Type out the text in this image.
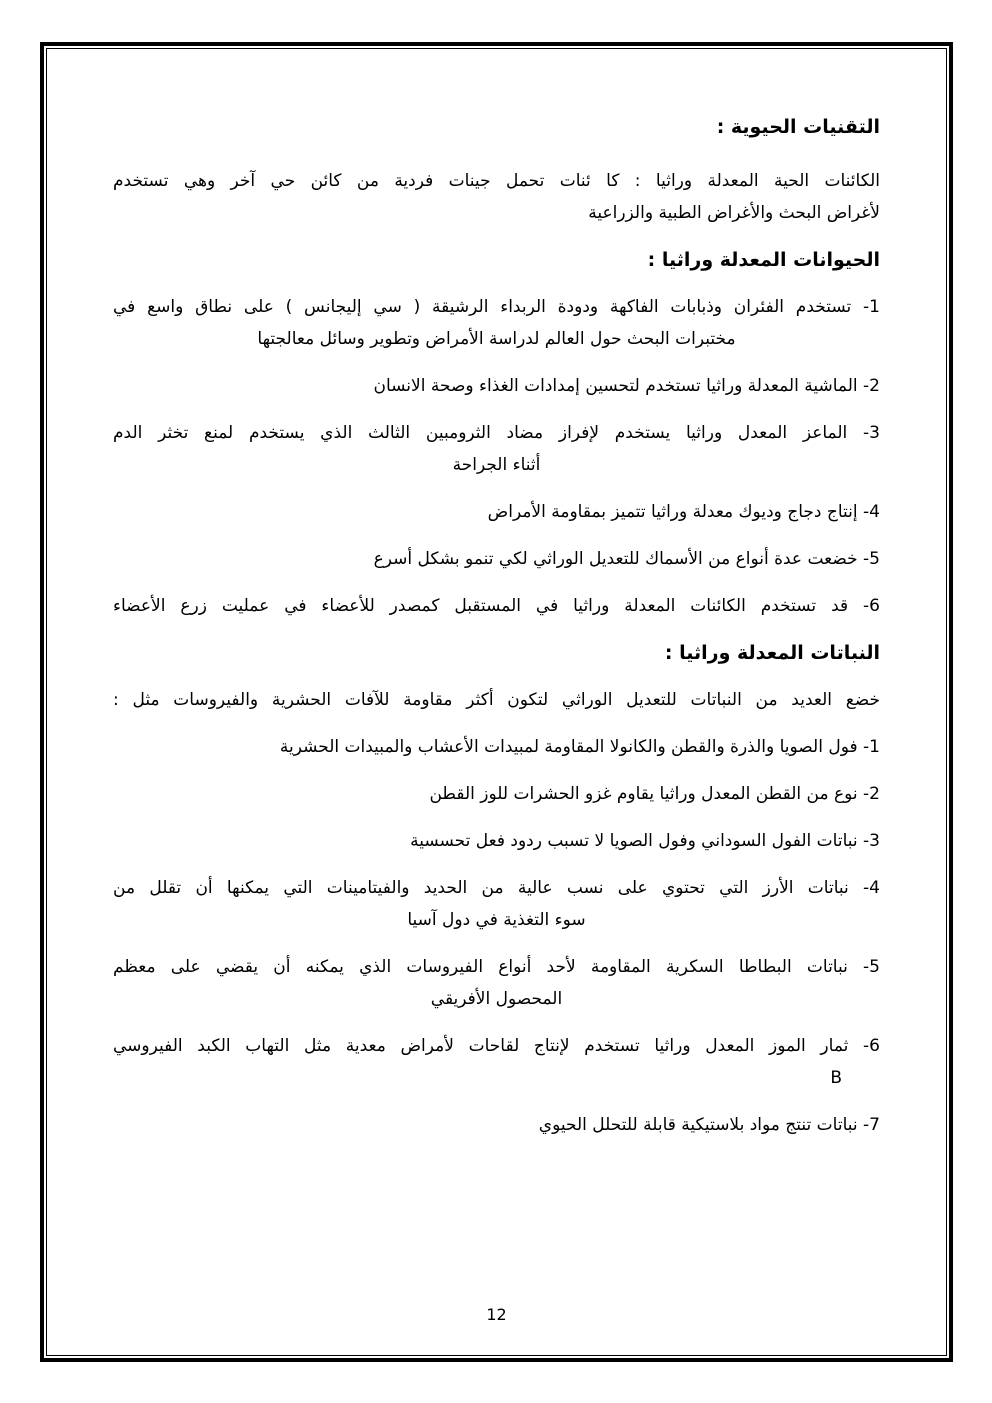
التقنيات الحيوية :

الكائنات الحية المعدلة وراثيا : كا ئنات تحمل جينات فردية من كائن حي آخر وهي تستخدم
لأغراض البحث والأغراض الطبية والزراعية

الحيوانات المعدلة وراثيا :

1- تستخدم الفئران وذبابات الفاكهة ودودة الربداء الرشيقة ( سي إليجانس ) على نطاق واسع في
مختبرات البحث حول العالم لدراسة الأمراض وتطوير وسائل معالجتها

2- الماشية المعدلة وراثيا تستخدم لتحسين إمدادات الغذاء وصحة الانسان

3- الماعز المعدل وراثيا يستخدم لإفراز مضاد الثرومبين الثالث الذي يستخدم لمنع تخثر الدم
أثناء الجراحة

4- إنتاج دجاج وديوك معدلة وراثيا تتميز بمقاومة الأمراض

5- خضعت عدة أنواع من الأسماك للتعديل الوراثي لكي تنمو بشكل أسرع

6- قد تستخدم الكائنات المعدلة وراثيا في المستقبل كمصدر للأعضاء في عمليت زرع الأعضاء

النباتات المعدلة وراثيا :

خضع العديد من النباتات للتعديل الوراثي لتكون أكثر مقاومة للآفات الحشرية والفيروسات مثل :

1- فول الصويا والذرة والقطن والكانولا المقاومة لمبيدات الأعشاب والمبيدات الحشرية

2- نوع من القطن المعدل وراثيا يقاوم غزو الحشرات للوز القطن

3- نباتات الفول السوداني وفول الصويا لا تسبب ردود فعل تحسسية

4- نباتات الأرز التي تحتوي على نسب عالية من الحديد والفيتامينات التي يمكنها أن تقلل من
سوء التغذية في دول آسيا

5- نباتات البطاطا السكرية المقاومة لأحد أنواع الفيروسات الذي يمكنه أن يقضي على معظم
المحصول الأفريقي

6- ثمار الموز المعدل وراثيا تستخدم لإنتاج لقاحات لأمراض معدية مثل التهاب الكبد الفيروسي
B

7- نباتات تنتج مواد بلاستيكية قابلة للتحلل الحيوي

12
